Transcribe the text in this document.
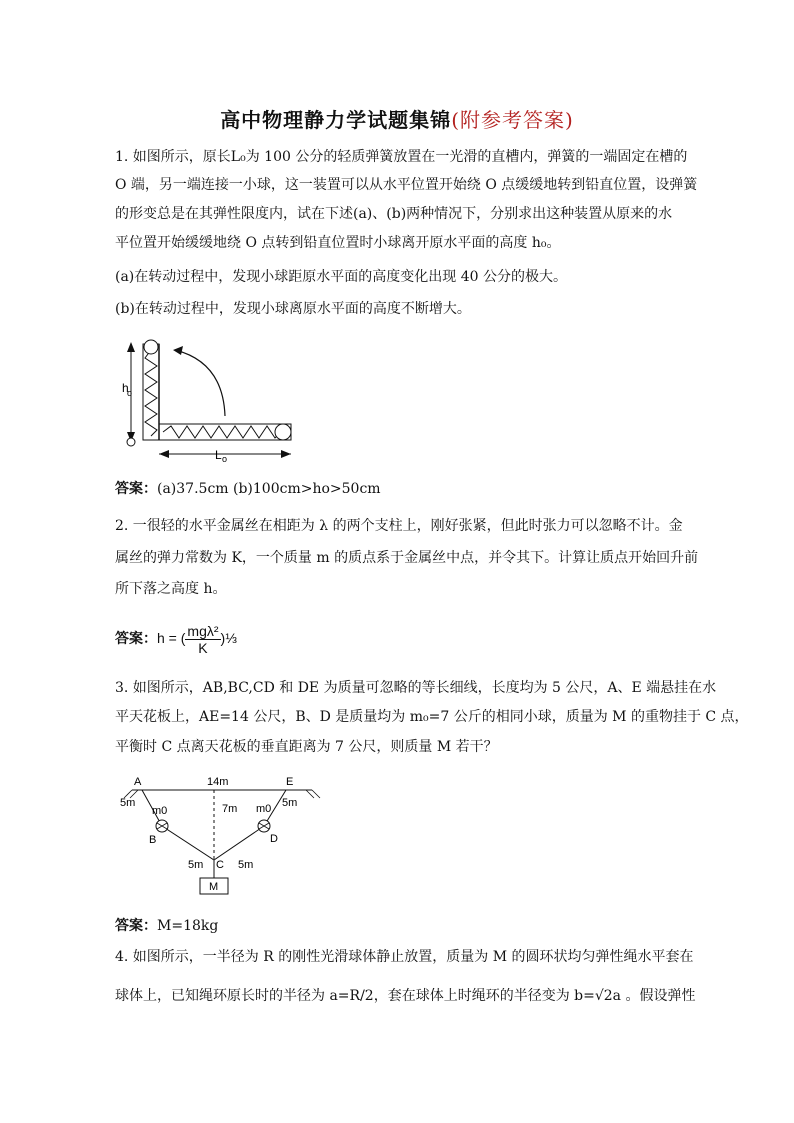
高中物理静力学试题集锦(附参考答案)
1. 如图所示，原长L₀为 100 公分的轻质弹簧放置在一光滑的直槽内，弹簧的一端固定在槽的
O 端，另一端连接一小球，这一装置可以从水平位置开始绕 O 点缓缓地转到铅直位置，设弹簧
的形变总是在其弹性限度内，试在下述(a)、(b)两种情况下，分别求出这种装置从原来的水
平位置开始缓缓地绕 O 点转到铅直位置时小球离开原水平面的高度 h₀。
(a)在转动过程中，发现小球距原水平面的高度变化出现 40 公分的极大。
(b)在转动过程中，发现小球离原水平面的高度不断增大。
h
o
L o
答案：(a)37.5cm (b)100cm>ho>50cm
2. 一很轻的水平金属丝在相距为 λ 的两个支柱上，刚好张紧，但此时张力可以忽略不计。金
属丝的弹力常数为 K，一个质量 m 的质点系于金属丝中点，并令其下。计算让质点开始回升前
所下落之高度 h。
答案：h = ( $\frac{\text{mgλ²}}{K}$ )⅓
3. 如图所示，AB,BC,CD 和 DE 为质量可忽略的等长细线，长度均为 5 公尺，A、E 端悬挂在水
平天花板上，AE=14 公尺，B、D 是质量均为 m₀=7 公斤的相同小球，质量为 M 的重物挂于 C 点，
平衡时 C 点离天花板的垂直距离为 7 公尺，则质量 M 若干？
A	E
14m
M
5m
m0
B
7m m0 5m
D
5m C 5m
答案：M=18kg
4. 如图所示，一半径为 R 的刚性光滑球体静止放置，质量为 M 的圆环状均匀弹性绳水平套在
球体上，已知绳环原长时的半径为 a=R/2，套在球体上时绳环的半径变为 b=√2a 。假设弹性
